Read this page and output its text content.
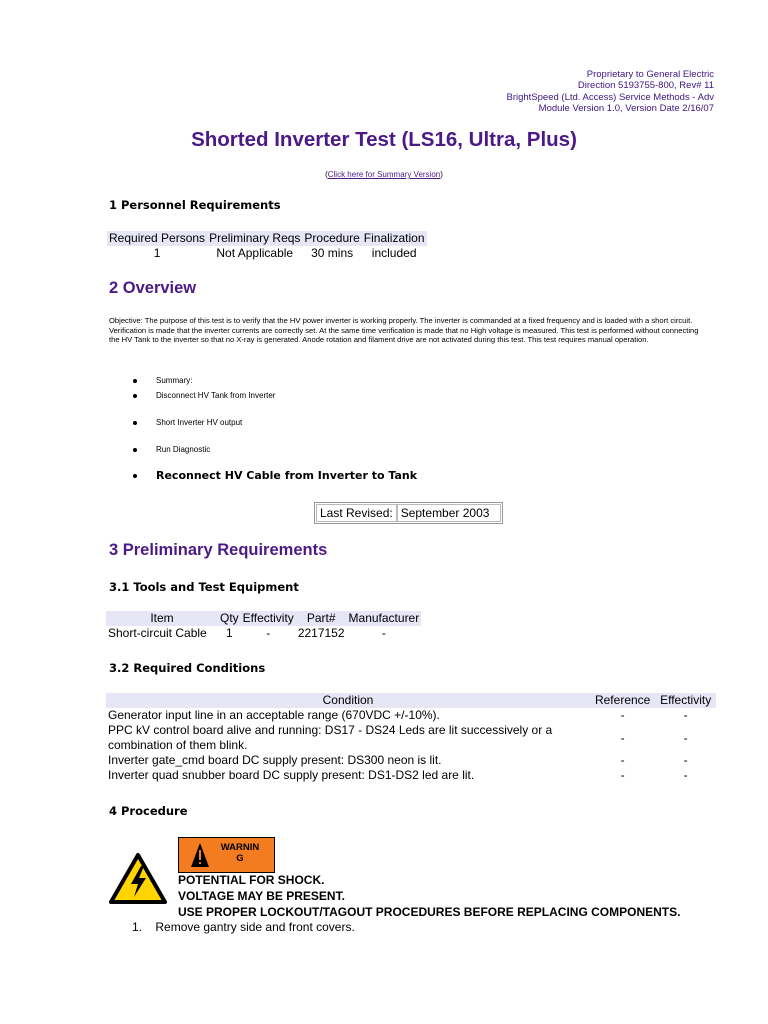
Proprietary to General Electric
Direction 5193755-800, Rev# 11
BrightSpeed (Ltd. Access) Service Methods - Adv
Module Version 1.0, Version Date 2/16/07
Shorted Inverter Test (LS16, Ultra, Plus)
(Click here for Summary Version)
1 Personnel Requirements
Required Persons	Preliminary Reqs	Procedure	Finalization
1	Not Applicable	30 mins	included
2 Overview
Objective: The purpose of this test is to verify that the HV power inverter is working properly. The inverter is commanded at a fixed frequency and is loaded with a short circuit. Verification is made that the inverter currents are correctly set. At the same time verification is made that no High voltage is measured. This test is performed without connecting the HV Tank to the inverter so that no X-ray is generated. Anode rotation and filament drive are not activated during this test. This test requires manual operation.
Summary:
Disconnect HV Tank from Inverter
Short Inverter HV output
Run Diagnostic
Reconnect HV Cable from Inverter to Tank
Last Revised: September 2003
3 Preliminary Requirements
3.1 Tools and Test Equipment
Item	Qty	Effectivity	Part#	Manufacturer
Short-circuit Cable	1	-	2217152	-
3.2 Required Conditions
Condition	Reference	Effectivity
Generator input line in an acceptable range (670VDC +/-10%).	-	-
PPC kV control board alive and running: DS17 - DS24 Leds are lit successively or a combination of them blink.	-	-
Inverter gate_cmd board DC supply present: DS300 neon is lit.	-	-
Inverter quad snubber board DC supply present: DS1-DS2 led are lit.	-	-
4 Procedure
WARNIN G
POTENTIAL FOR SHOCK.
VOLTAGE MAY BE PRESENT.
USE PROPER LOCKOUT/TAGOUT PROCEDURES BEFORE REPLACING COMPONENTS.
1. Remove gantry side and front covers.
